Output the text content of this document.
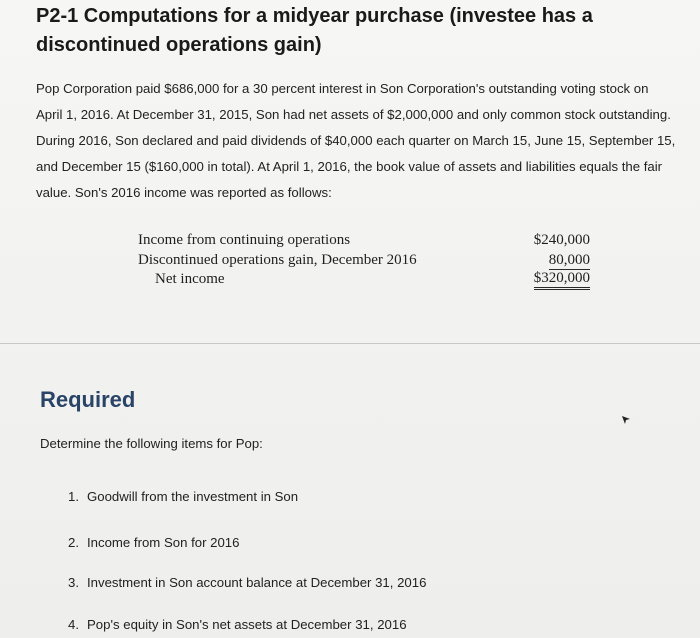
P2-1 Computations for a midyear purchase (investee has a discontinued operations gain)

Pop Corporation paid $686,000 for a 30 percent interest in Son Corporation's outstanding voting stock on April 1, 2016. At December 31, 2015, Son had net assets of $2,000,000 and only common stock outstanding. During 2016, Son declared and paid dividends of $40,000 each quarter on March 15, June 15, September 15, and December 15 ($160,000 in total). At April 1, 2016, the book value of assets and liabilities equals the fair value. Son's 2016 income was reported as follows:

Income from continuing operations	$240,000
Discontinued operations gain, December 2016	80,000
Net income	$320,000
Required

Determine the following items for Pop:

1. Goodwill from the investment in Son
2. Income from Son for 2016
3. Investment in Son account balance at December 31, 2016
4. Pop's equity in Son's net assets at December 31, 2016
